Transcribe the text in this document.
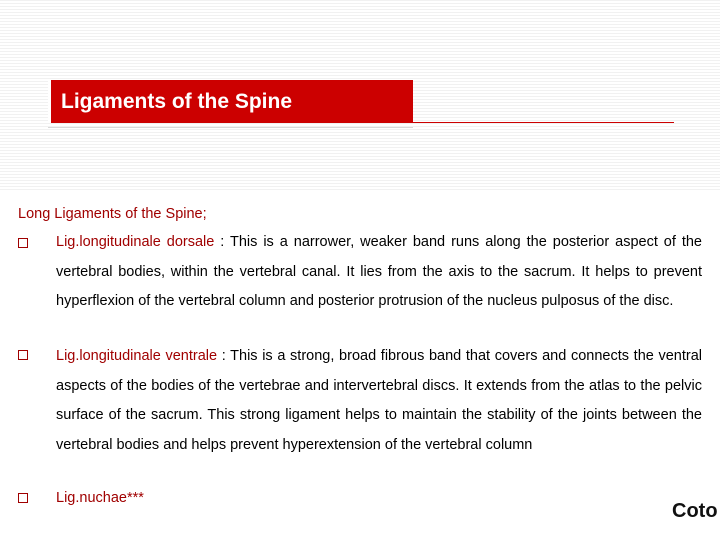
Ligaments of the Spine
Long Ligaments of the Spine;
Lig.longitudinale dorsale : This is a narrower, weaker band runs along the posterior aspect of the vertebral bodies, within the vertebral canal. It lies from the axis to the sacrum. It helps to prevent hyperflexion of the vertebral column and posterior protrusion of the nucleus pulposus of the disc.
Lig.longitudinale ventrale : This is a strong, broad fibrous band that covers and connects the ventral aspects of the bodies of the vertebrae and intervertebral discs. It extends from the atlas to the pelvic surface of the sacrum. This strong ligament helps to maintain the stability of the joints between the vertebral bodies and helps prevent hyperextension of the vertebral column
Lig.nuchae***
Coto
